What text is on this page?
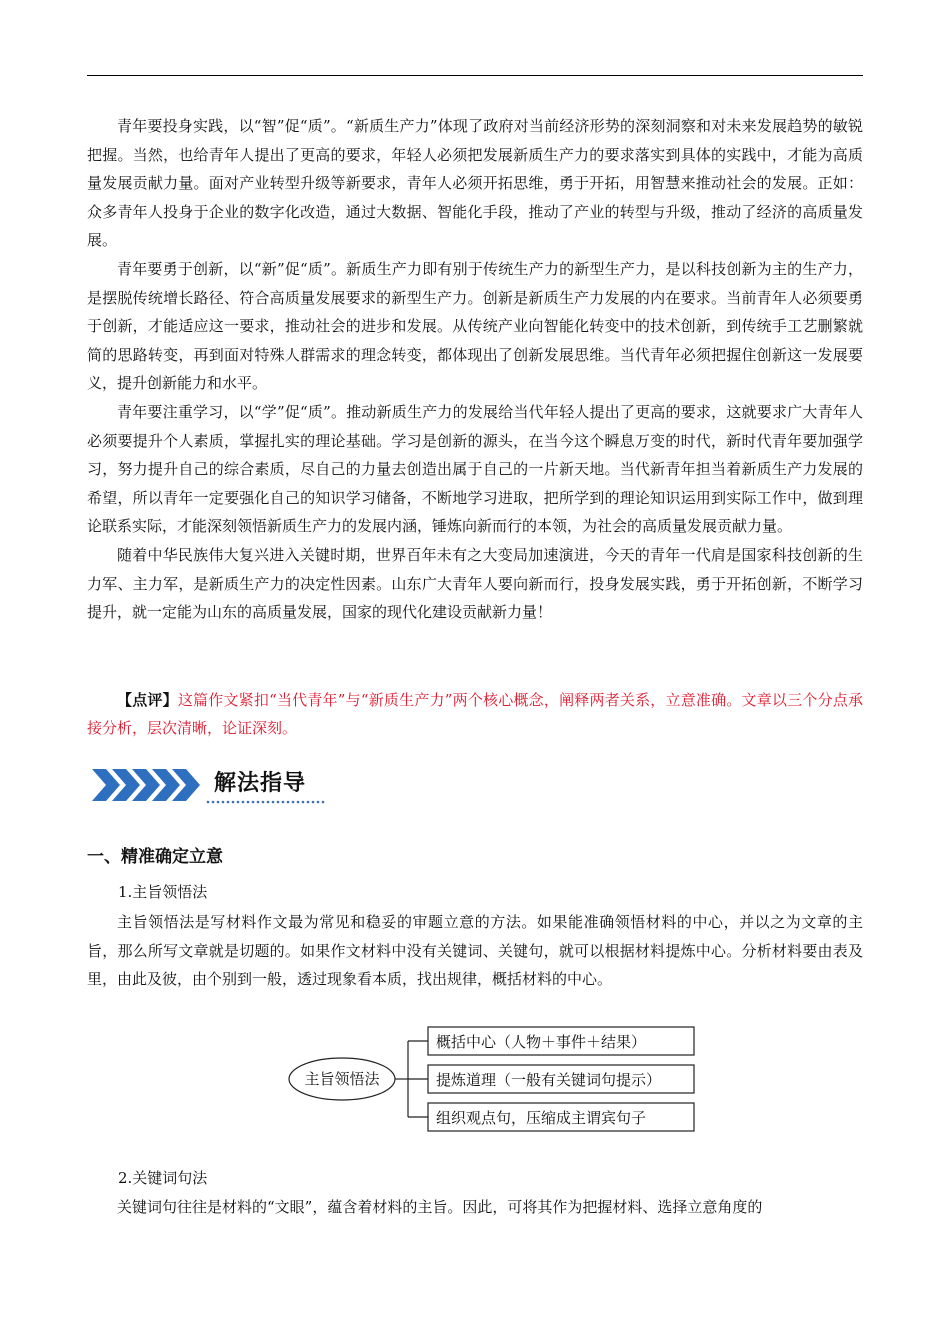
青年要投身实践，以“智”促“质”。“新质生产力”体现了政府对当前经济形势的深刻洞察和对未来发展趋势的敏锐把握。当然，也给青年人提出了更高的要求，年轻人必须把发展新质生产力的要求落实到具体的实践中，才能为高质量发展贡献力量。面对产业转型升级等新要求，青年人必须开拓思维，勇于开拓，用智慧来推动社会的发展。正如：众多青年人投身于企业的数字化改造，通过大数据、智能化手段，推动了产业的转型与升级，推动了经济的高质量发展。

青年要勇于创新，以“新”促“质”。新质生产力即有别于传统生产力的新型生产力，是以科技创新为主的生产力，是摆脱传统增长路径、符合高质量发展要求的新型生产力。创新是新质生产力发展的内在要求。当前青年人必须要勇于创新，才能适应这一要求，推动社会的进步和发展。从传统产业向智能化转变中的技术创新，到传统手工艺删繁就简的思路转变，再到面对特殊人群需求的理念转变，都体现出了创新发展思维。当代青年必须把握住创新这一发展要义，提升创新能力和水平。

青年要注重学习，以“学”促“质”。推动新质生产力的发展给当代年轻人提出了更高的要求，这就要求广大青年人必须要提升个人素质，掌握扎实的理论基础。学习是创新的源头，在当今这个瞬息万变的时代，新时代青年要加强学习，努力提升自己的综合素质，尽自己的力量去创造出属于自己的一片新天地。当代新青年担当着新质生产力发展的希望，所以青年一定要强化自己的知识学习储备，不断地学习进取，把所学到的理论知识运用到实际工作中，做到理论联系实际，才能深刻领悟新质生产力的发展内涵，锤炼向新而行的本领，为社会的高质量发展贡献力量。

随着中华民族伟大复兴进入关键时期，世界百年未有之大变局加速演进，今天的青年一代肩是国家科技创新的生力军、主力军，是新质生产力的决定性因素。山东广大青年人要向新而行，投身发展实践，勇于开拓创新，不断学习提升，就一定能为山东的高质量发展，国家的现代化建设贡献新力量！

【点评】这篇作文紧扣“当代青年”与“新质生产力”两个核心概念，阐释两者关系，立意准确。文章以三个分点承接分析，层次清晰，论证深刻。

解法指导
一、精准确定立意

1.主旨领悟法

主旨领悟法是写材料作文最为常见和稳妥的审题立意的方法。如果能准确领悟材料的中心，并以之为文章的主旨，那么所写文章就是切题的。如果作文材料中没有关键词、关键句，就可以根据材料提炼中心。分析材料要由表及里，由此及彼，由个别到一般，透过现象看本质，找出规律，概括材料的中心。

主旨领悟法
概括中心（人物＋事件＋结果）
提炼道理（一般有关键词句提示）
组织观点句，压缩成主谓宾句子

2.关键词句法

关键词句往往是材料的“文眼”，蕴含着材料的主旨。因此，可将其作为把握材料、选择立意角度的
